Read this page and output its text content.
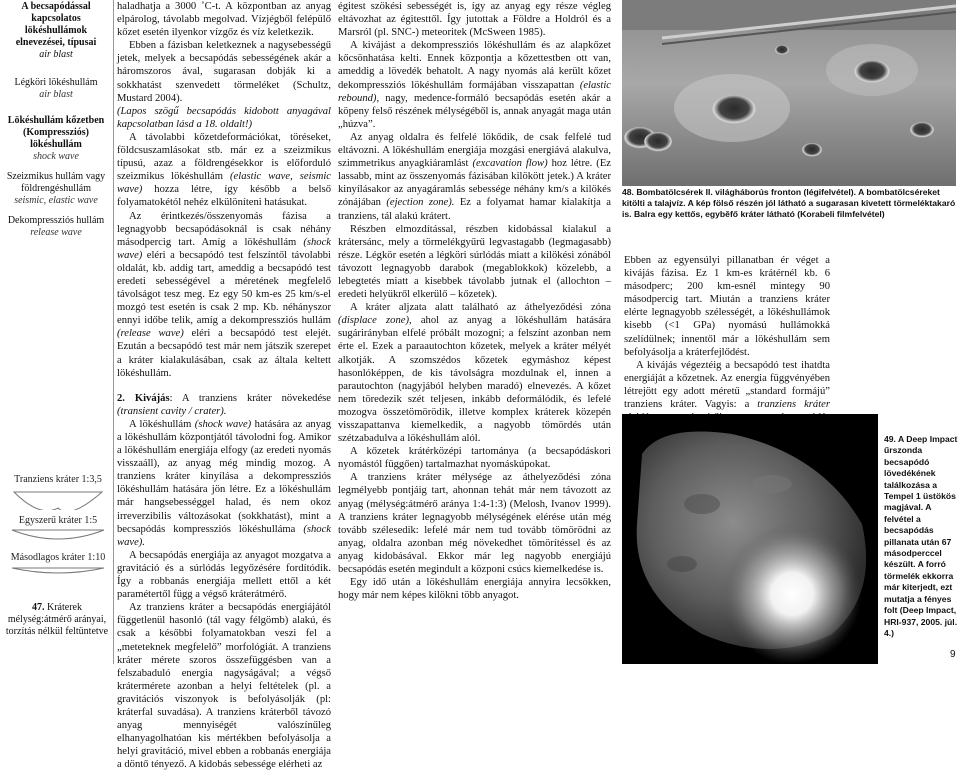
A becsapódással kapcsolatos lökéshullámok elnevezései, típusai
air blast
Légköri lökéshullám
air blast
Lökéshullám kőzetben (Kompressziós) lökéshullám
shock wave
Szeizmikus hullám vagy földrengéshullám
seismic, elastic wave
Dekompressziós hullám
release wave
Tranziens kráter 1:3,5
Egyszerű kráter 1:5
Másodlagos kráter 1:10
47. Kráterek mélység:átmérő arányai, torzítás nélkül feltüntetve

haladhatja a 3000 ˚C-t. A központban az anyag elpárolog, távolabb megolvad. Vízjégből felépülő kőzet esetén ilyenkor vízgőz és víz keletkezik.

Ebben a fázisban keletkeznek a nagysebességű jetek, melyek a becsapódás sebességének akár a háromszoros ával, sugarasan dobják ki a sokkhatást szenvedett törmeléket (Schultz, Mustard 2004).

(Lapos szögű becsapódás kidobott anyagával kapcsolatban lásd a 18. oldalt!)

A távolabbi kőzetdeformációkat, töréseket, földcsuszamlásokat stb. már ez a szeizmikus típusú, azaz a földrengésekkor is előforduló szeizmikus lökéshullám (elastic wave, seismic wave) hozza létre, így később a belső folyamatokétól nehéz elkülöníteni hatásukat.

Az érintkezés/összenyomás fázisa a legnagyobb becsapódásoknál is csak néhány másodpercig tart. Amíg a lökéshullám (shock wave) eléri a becsapódó test felszíntől távolabbi oldalát, kb. addig tart, ameddig a becsapódó test eredeti sebességével a méretének megfelelő távolságot tesz meg. Ez egy 50 km-es 25 km/s-el mozgó test esetén is csak 2 mp. Kb. néhányszor ennyi időbe telik, amíg a dekompressziós hullám (release wave) eléri a becsapódó test elejét. Ezután a becsapódó test már nem játszik szerepet a kráter kialakulásában, csak az általa keltett lökéshullám.

2. Kivájás: A tranziens kráter növekedése (transient cavity / crater).

A lökéshullám (shock wave) hatására az anyag a lökéshullám központjától távolodni fog. Amikor a lökéshullám energiája elfogy (az eredeti nyomás visszaáll), az anyag még mindig mozog. A tranziens kráter kinyílása a dekompressziós lökéshullám hatására jön létre. Ez a lökéshullám már hangsebességgel halad, és nem okoz irreverzibilis változásokat (sokkhatást), mint a becsapódás kompressziós lökéshulláma (shock wave).

A becsapódás energiája az anyagot mozgatva a gravitáció és a súrlódás legyőzésére fordítódik. Így a robbanás energiája mellett ettől a két paramétertől függ a végső kráterátmérő.

Az tranziens kráter a becsapódás energiájától függetlenül hasonló (tál vagy félgömb) alakú, és csak a későbbi folyamatokban veszi fel a „meteteknek megfelelő” morfológiát. A tranziens kráter mérete szoros összefüggésben van a felszabaduló energia nagyságával; a végső krátermérete azonban a helyi feltételek (pl. a gravitációs viszonyok is befolyásolják (pl: kráterfal suvadása). A tranziens kráterből távozó anyag mennyiségét valószínűleg elhanyagolhatóan kis mértékben befolyásolja a helyi gravitáció, mivel ebben a robbanás energiája a döntő tényező. A kidobás sebessége elérheti az

égitest szökési sebességét is, így az anyag egy része végleg eltávozhat az égitesttől. Így jutottak a Földre a Holdról és a Marsról (pl. SNC-) meteoritek (McSween 1985).

A kivájást a dekompressziós lökéshullám és az alapkőzet kőcsönhatása kelti. Ennek központja a kőzettestben ott van, ameddig a lövedék behatolt. A nagy nyomás alá került kőzet dekompressziós lökéshullám formájában visszapattan (elastic rebound), nagy, medence-formáló becsapódás esetén akár a köpeny felső részének mélységéből is, annak anyagát maga után „húzva”.

Az anyag oldalra és felfelé lökődik, de csak felfelé tud eltávozni. A lökéshullám energiája mozgási energiává alakulva, szimmetrikus anyagkiáramlást (excavation flow) hoz létre. (Ez lassabb, mint az összenyomás fázisában kilökött jetek.) A kráter kinyílásakor az anyagáramlás sebessége néhány km/s a kilökés zónájában (ejection zone). Ez a folyamat hamar kialakítja a tranziens, tál alakú krátert.

Részben elmozdítással, részben kidobással kialakul a krátersánc, mely a törmelékgyűrű legvastagabb (legmagasabb) része. Légkör esetén a légköri súrlódás miatt a kilökési zónából távozott legnagyobb darabok (megablokkok) közelebb, a lebegtetés miatt a kisebbek távolabb jutnak el (allochton – eredeti helyükről elkerülő – kőzetek).

A kráter aljzata alatt található az áthelyeződési zóna (displace zone), ahol az anyag a lökéshullám hatására sugárirányban elfelé próbált mozogni; a felszínt azonban nem érte el. Ezek a paraautochton kőzetek, melyek a kráter mélyét alkotják. A szomszédos kőzetek egymáshoz képest hasonlóképpen, de kis távolságra mozdulnak el, innen a parautochton (nagyjából helyben maradó) elnevezés. A kőzet nem töredezik szét teljesen, inkább deformálódik, és lefelé mozogva összetömörödik, illetve komplex kráterek közepén visszapattanva kiemelkedik, a nagyobb tömördés után szétzabadulva a lökéshullám alól.

A kőzetek krátérközépi tartománya (a becsapódáskori nyomástól függően) tartalmazhat nyomáskúpokat.

A tranziens kráter mélysége az áthelyeződési zóna legmélyebb pontjáig tart, ahonnan tehát már nem távozott az anyag (mélység:átmérő aránya 1:4-1:3) (Melosh, Ivanov 1999). A tranziens kráter legnagyobb mélységének elérése után még tovább szélesedik: lefelé már nem tud tovább tömörödni az anyag, oldalra azonban még növekedhet tömörítéssel és az anyag kidobásával. Ekkor már leg nagyobb energiájú becsapódás esetén megindult a közponi csúcs kiemelkedése is.

Egy idő után a lökéshullám energiája annyira lecsökken, hogy már nem képes kilökni több anyagot.

48. Bombatölcsérek II. világháborús fronton (légifelvétel). A bombatölcséreket kitölti a talajvíz. A kép fölső részén jól látható a sugarasan kivetett törmeléktakaró is. Balra egy kettős, egyběfő kráter látható (Korabeli filmfelvétel)

Ebben az egyensúlyi pillanatban ér véget a kivájás fázisa. Ez 1 km-es krátérnél kb. 6 másodperc; 200 km-esnél mintegy 90 másodpercig tart. Miután a tranziens kráter elérte legnagyobb szélességét, a lökéshullámok kisebb (<1 GPa) nyomású hullámokká szelídülnek; innentől már a lökéshullám sem befolyásolja a kráterfejlődést.

A kivájás végeztéig a becsapódó test ihatdta energiáját a kőzetnek. Az energia függvényében létrejött egy adott méretű „standard formájú” tranziens kráter. Vagyis: a tranziens kráter

49. A Deep Impact űrszonda becsapódó lövedékének találkozása a Tempel 1 üstökös magjával. A felvétel a becsapódás pillanata után 67 másodperccel készült. A forró törmelék ekkorra már kiterjedt, ezt mutatja a fényes folt (Deep Impact, HRI-937, 2005. júl. 4.)
9
